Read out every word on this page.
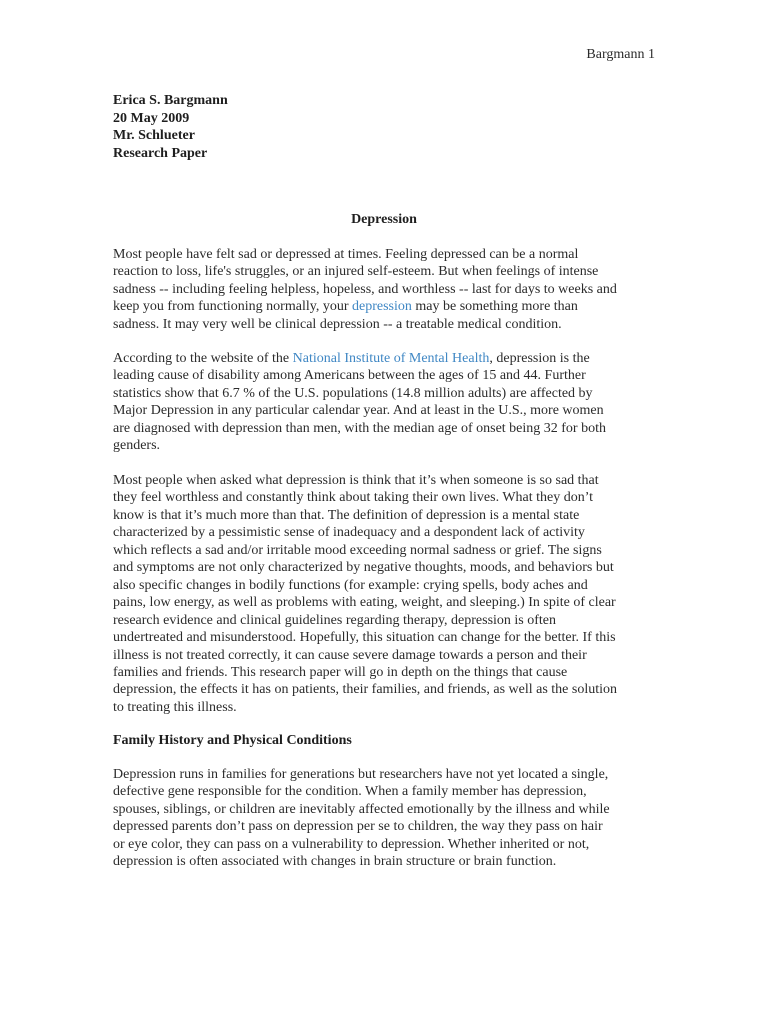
Bargmann 1
Erica S. Bargmann
20 May 2009
Mr. Schlueter
Research Paper
Depression

Most people have felt sad or depressed at times. Feeling depressed can be a normal
reaction to loss, life's struggles, or an injured self-esteem. But when feelings of intense
sadness -- including feeling helpless, hopeless, and worthless -- last for days to weeks and
keep you from functioning normally, your depression may be something more than
sadness. It may very well be clinical depression -- a treatable medical condition.

According to the website of the National Institute of Mental Health, depression is the
leading cause of disability among Americans between the ages of 15 and 44. Further
statistics show that 6.7 % of the U.S. populations (14.8 million adults) are affected by
Major Depression in any particular calendar year. And at least in the U.S., more women
are diagnosed with depression than men, with the median age of onset being 32 for both
genders.

Most people when asked what depression is think that it’s when someone is so sad that
they feel worthless and constantly think about taking their own lives. What they don’t
know is that it’s much more than that. The definition of depression is a mental state
characterized by a pessimistic sense of inadequacy and a despondent lack of activity
which reflects a sad and/or irritable mood exceeding normal sadness or grief. The signs
and symptoms are not only characterized by negative thoughts, moods, and behaviors but
also specific changes in bodily functions (for example: crying spells, body aches and
pains, low energy, as well as problems with eating, weight, and sleeping.) In spite of clear
research evidence and clinical guidelines regarding therapy, depression is often
undertreated and misunderstood. Hopefully, this situation can change for the better. If this
illness is not treated correctly, it can cause severe damage towards a person and their
families and friends. This research paper will go in depth on the things that cause
depression, the effects it has on patients, their families, and friends, as well as the solution
to treating this illness.

Family History and Physical Conditions

Depression runs in families for generations but researchers have not yet located a single,
defective gene responsible for the condition. When a family member has depression,
spouses, siblings, or children are inevitably affected emotionally by the illness and while
depressed parents don’t pass on depression per se to children, the way they pass on hair
or eye color, they can pass on a vulnerability to depression. Whether inherited or not,
depression is often associated with changes in brain structure or brain function.
